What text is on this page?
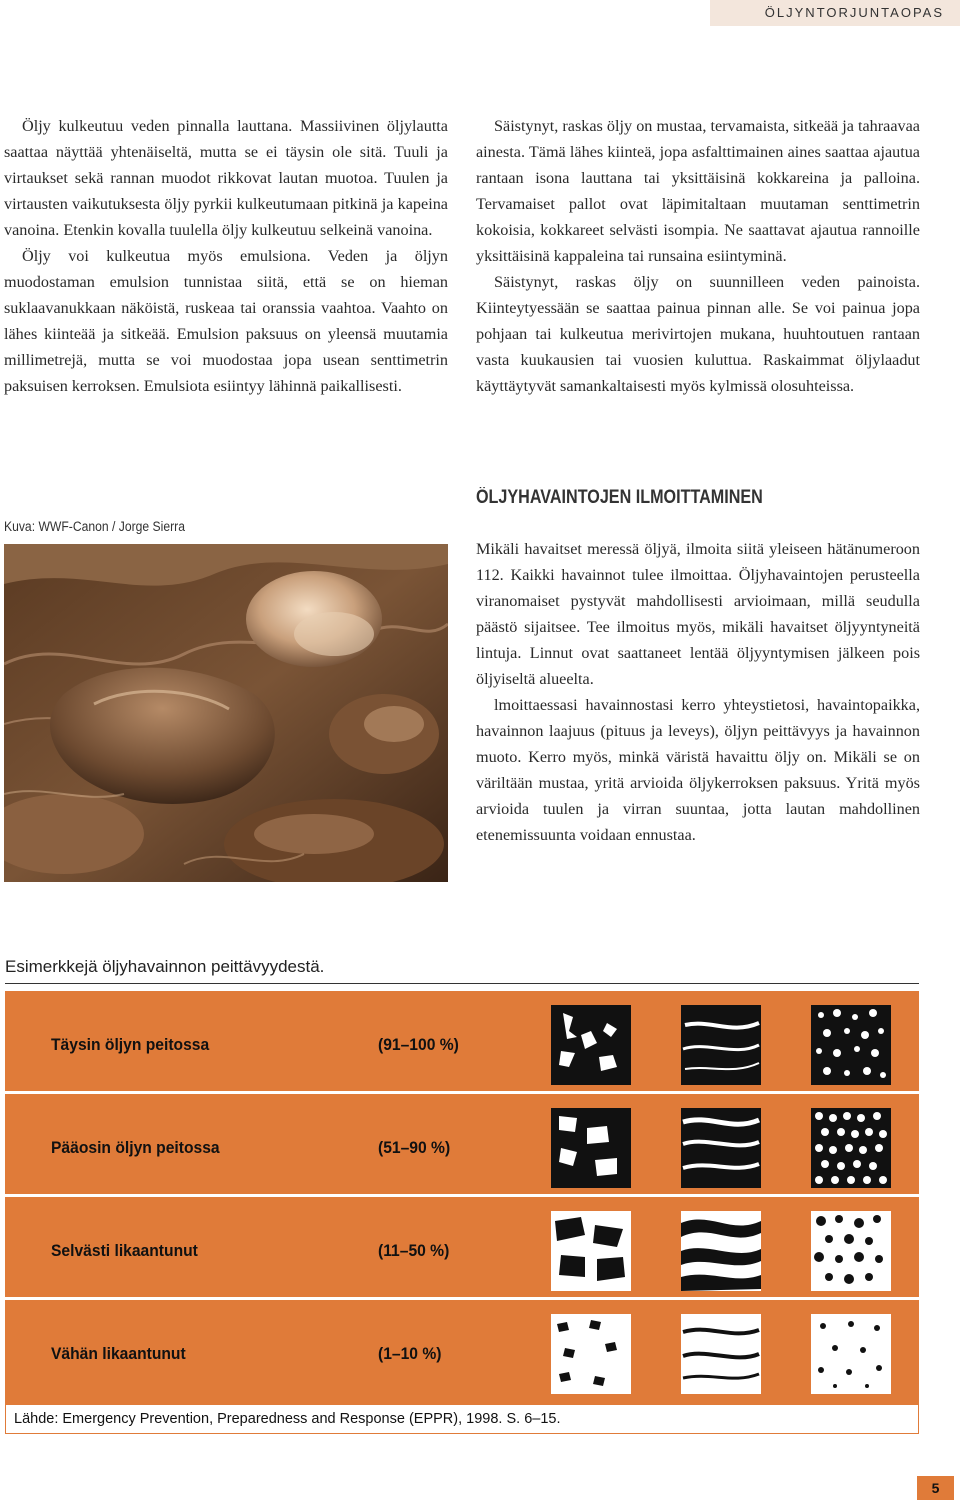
ÖLJYNTORJUNTAOPAS

Öljy kulkeutuu veden pinnalla lauttana. Massiivinen öljylautta saattaa näyttää yhtenäiseltä, mutta se ei täysin ole sitä. Tuuli ja virtaukset sekä rannan muodot rikkovat lautan muotoa. Tuulen ja virtausten vaikutuksesta öljy pyrkii kulkeutumaan pitkinä ja kapeina vanoina. Etenkin kovalla tuulella öljy kulkeutuu selkeinä vanoina.

Öljy voi kulkeutua myös emulsiona. Veden ja öljyn muodostaman emulsion tunnistaa siitä, että se on hieman suklaavanukkaan näköistä, ruskeaa tai oranssia vaahtoa. Vaahto on lähes kiinteää ja sitkeää. Emulsion paksuus on yleensä muutamia millimetrejä, mutta se voi muodostaa jopa usean senttimetrin paksuisen kerroksen. Emulsiota esiintyy lähinnä paikallisesti.

Säistynyt, raskas öljy on mustaa, tervamaista, sitkeää ja tahraavaa ainesta. Tämä lähes kiinteä, jopa asfalttimainen aines saattaa ajautua rantaan isona lauttana tai yksittäisinä kokkareina ja palloina. Tervamaiset pallot ovat läpimitaltaan muutaman senttimetrin kokoisia, kokkareet selvästi isompia. Ne saattavat ajautua rannoille yksittäisinä kappaleina tai runsaina esiintyminä.

Säistynyt, raskas öljy on suunnilleen veden painoista. Kiinteytyessään se saattaa painua pinnan alle. Se voi painua jopa pohjaan tai kulkeutua merivirtojen mukana, huuhtoutuen rantaan vasta kuukausien tai vuosien kuluttua. Raskaimmat öljylaadut käyttäytyvät samankaltaisesti myös kylmissä olosuhteissa.

Kuva: WWF-Canon / Jorge Sierra
ÖLJYHAVAINTOJEN ILMOITTAMINEN

Mikäli havaitset meressä öljyä, ilmoita siitä yleiseen hätänumeroon 112. Kaikki havainnot tulee ilmoittaa. Öljyhavaintojen perusteella viranomaiset pystyvät mahdollisesti arvioimaan, millä seudulla päästö sijaitsee. Tee ilmoitus myös, mikäli havaitset öljyyntyneitä lintuja. Linnut ovat saattaneet lentää öljyyntymisen jälkeen pois öljyiseltä alueelta.

lmoittaessasi havainnostasi kerro yhteystietosi, havaintopaikka, havainnon laajuus (pituus ja leveys), öljyn peittävyys ja havainnon muoto. Kerro myös, minkä väristä havaittu öljy on. Mikäli se on väriltään mustaa, yritä arvioida öljykerroksen paksuus. Yritä myös arvioida tuulen ja virran suuntaa, jotta lautan mahdollinen etenemissuunta voidaan ennustaa.

Esimerkkejä öljyhavainnon peittävyydestä.
Täysin öljyn peitossa	(91–100 %)
Pääosin öljyn peitossa	(51–90 %)
Selvästi likaantunut	(11–50 %)
Vähän likaantunut	(1–10 %)
Lähde: Emergency Prevention, Preparedness and Response (EPPR), 1998. S. 6–15.
5
